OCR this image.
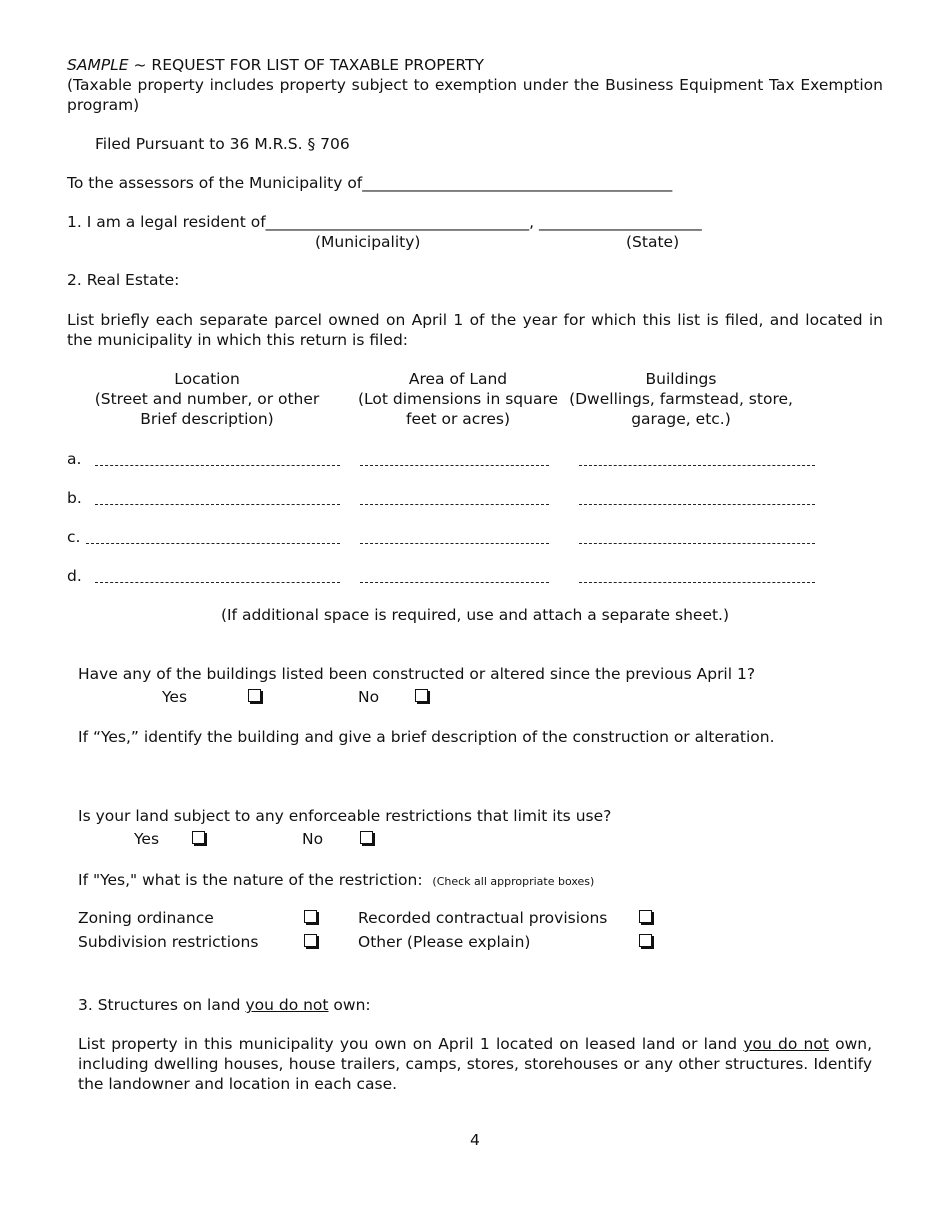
SAMPLE ~ REQUEST FOR LIST OF TAXABLE PROPERTY
(Taxable property includes property subject to exemption under the Business Equipment Tax Exemption program)
Filed Pursuant to 36 M.R.S. § 706
To the assessors of the Municipality of________________________________________
1. I am a legal resident of__________________________________, _____________________
(Municipality)	(State)
2. Real Estate:
List briefly each separate parcel owned on April 1 of the year for which this list is filed, and located in the municipality in which this return is filed:
Location
(Street and number, or other
Brief description)
Area of Land
(Lot dimensions in square
feet or acres)
Buildings
(Dwellings, farmstead, store,
garage, etc.)
a.
b.
c.
d.
(If additional space is required, use and attach a separate sheet.)
Have any of the buildings listed been constructed or altered since the previous April 1?
Yes	No
If “Yes,” identify the building and give a brief description of the construction or alteration.
Is your land subject to any enforceable restrictions that limit its use?
Yes	No
If "Yes," what is the nature of the restriction: (Check all appropriate boxes)
Zoning ordinance	Recorded contractual provisions
Subdivision restrictions	Other (Please explain)
3. Structures on land you do not own:
List property in this municipality you own on April 1 located on leased land or land you do not own, including dwelling houses, house trailers, camps, stores, storehouses or any other structures. Identify the landowner and location in each case.
4
